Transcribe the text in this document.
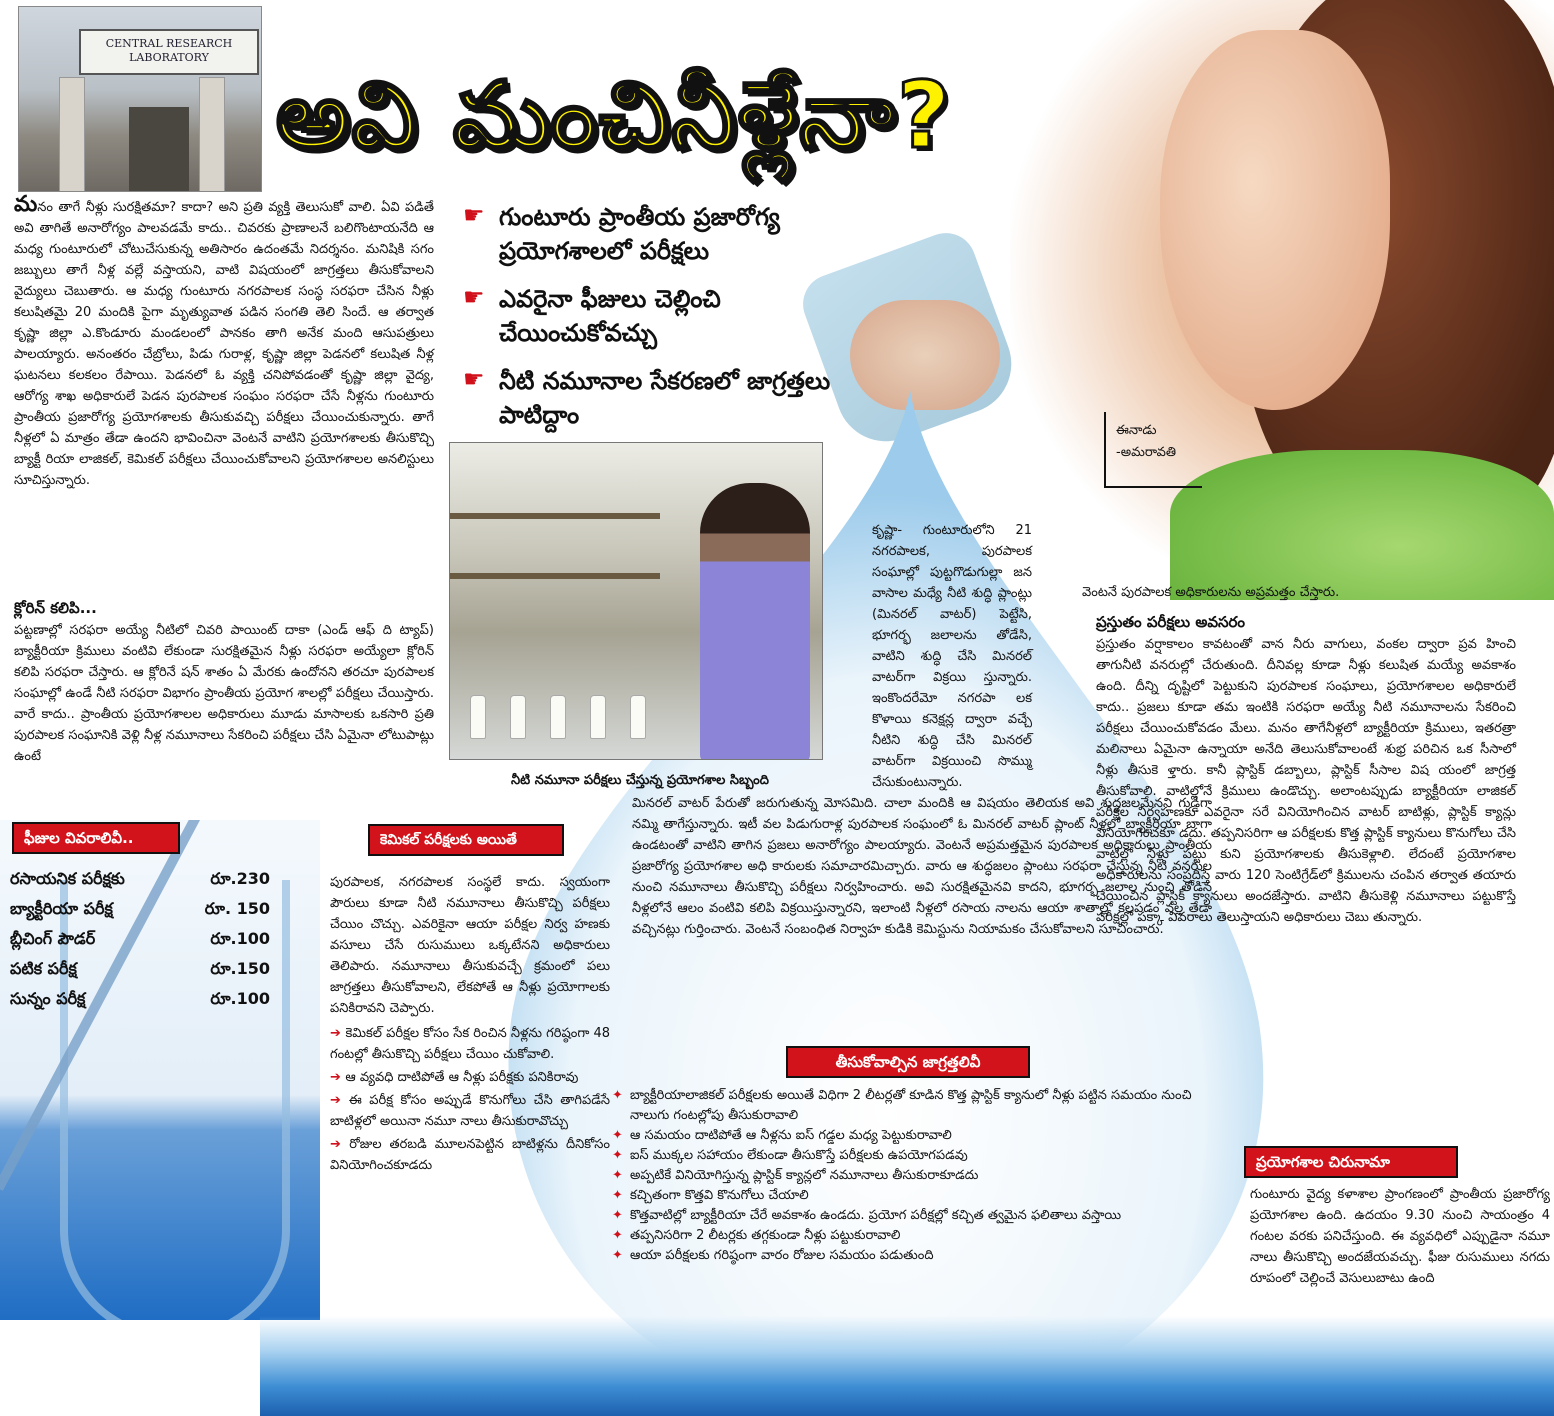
CENTRAL RESEARCH LABORATORY
అవి మంచినీళ్లేనా?
☛ గుంటూరు ప్రాంతీయ ప్రజారోగ్య ప్రయోగశాలలో పరీక్షలు
☛ ఎవరైనా ఫీజులు చెల్లించి చేయించుకోవచ్చు
☛ నీటి నమూనాల సేకరణలో జాగ్రత్తలు పాటిద్దాం
ఈనాడు
-అమరావతి
నీటి నమూనా పరీక్షలు చేస్తున్న ప్రయోగశాల సిబ్బంది
మనం తాగే నీళ్లు సురక్షితమా? కాదా? అని ప్రతి వ్యక్తి తెలుసుకో వాలి. ఏవి పడితే అవి తాగితే అనారోగ్యం పాలవడమే కాదు.. చివరకు ప్రాణాలనే బలిగొంటాయనేది ఆ మధ్య గుంటూరులో చోటుచేసుకున్న అతిసారం ఉదంతమే నిదర్శనం. మనిషికి సగం జబ్బులు తాగే నీళ్ల వల్లే వస్తాయని, వాటి విషయంలో జాగ్రత్తలు తీసుకోవాలని వైద్యులు చెబుతారు. ఆ మధ్య గుంటూరు నగరపాలక సంస్థ సరఫరా చేసిన నీళ్లు కలుషితమై 20 మందికి పైగా మృత్యువాత పడిన సంగతి తెలి సిందే. ఆ తర్వాత కృష్ణా జిల్లా ఎ.కొండూరు మండలంలో పానకం తాగి అనేక మంది ఆసుపత్రులు పాలయ్యారు. అనంతరం చేబ్రోలు, పిడు గురాళ్ల, కృష్ణా జిల్లా పెడనలో కలుషిత నీళ్ల ఘటనలు కలకలం రేపాయి. పెడనలో ఓ వ్యక్తి చనిపోవడంతో కృష్ణా జిల్లా వైద్య, ఆరోగ్య శాఖ అధికారులే పెడన పురపాలక సంఘం సరఫరా చేసే నీళ్లను గుంటూరు ప్రాంతీయ ప్రజారోగ్య ప్రయోగశాలకు తీసుకువచ్చి పరీక్షలు చేయించుకున్నారు. తాగే నీళ్లలో ఏ మాత్రం తేడా ఉందని భావించినా వెంటనే వాటిని ప్రయోగశాలకు తీసుకొచ్చి బ్యాక్టీ రియా లాజికల్, కెమికల్ పరీక్షలు చేయించుకోవాలని ప్రయోగశాలల అనలిస్టులు సూచిస్తున్నారు.
క్లోరిన్ కలిపి...
పట్టణాల్లో సరఫరా అయ్యే నీటిలో చివరి పాయింట్ దాకా (ఎండ్ ఆఫ్ ది ట్యాప్) బ్యాక్టీరియా క్రిములు వంటివి లేకుండా సురక్షితమైన నీళ్లు సరఫరా అయ్యేలా క్లోరిన్ కలిపి సరఫరా చేస్తారు. ఆ క్లోరినే షన్ శాతం ఏ మేరకు ఉందోనని తరచూ పురపాలక సంఘాల్లో ఉండే నీటి సరఫరా విభాగం ప్రాంతీయ ప్రయోగ శాలల్లో పరీక్షలు చేయిస్తారు. వారే కాదు.. ప్రాంతీయ ప్రయోగశాలల అధికారులు మూడు మాసాలకు ఒకసారి ప్రతి పురపాలక సంఘానికి వెళ్లి నీళ్ల నమూనాలు సేకరించి పరీక్షలు చేసి ఏమైనా లోటుపాట్లు ఉంటే

కృష్ణా- గుంటూరులోని 21 నగరపాలక, పురపాలక సంఘాల్లో పుట్టగొడుగుల్లా జన వాసాల మధ్యే నీటి శుద్ధి ప్లాంట్లు (మినరల్ వాటర్) పెట్టేసి, భూగర్భ జలాలను తోడేసి, వాటిని శుద్ధి చేసి మినరల్ వాటర్‌గా విక్రయి స్తున్నారు. ఇంకొందరేమో నగరపా లక కొళాయి కనెక్షన్ల ద్వారా వచ్చే నీటిని శుద్ధి చేసి మినరల్ వాటర్‌గా విక్రయించి సొమ్ము చేసుకుంటున్నారు.

మినరల్ వాటర్ పేరుతో జరుగుతున్న మోసమిది. చాలా మందికి ఆ విషయం తెలియక అవి శుద్ధజలమేనని గుడ్డిగా నమ్మి తాగేస్తున్నారు. ఇటీ వల పిడుగురాళ్ల పురపాలక సంఘంలో ఓ మినరల్ వాటర్ ప్లాంట్ నీళ్లలో బ్యాక్టీరియా బాగా ఉండటంతో వాటిని తాగిన ప్రజలు అనారోగ్యం పాలయ్యారు. వెంటనే అప్రమత్తమైన పురపాలక అధికారులు ప్రాంతీయ ప్రజారోగ్య ప్రయోగశాల అధి కారులకు సమాచారమిచ్చారు. వారు ఆ శుద్ధజలం ప్లాంటు సరఫరా చేస్తున్న నీటి వనరుల నుంచి నమూనాలు తీసుకొచ్చి పరీక్షలు నిర్వహించారు. అవి సురక్షితమైనవి కాదని, భూగర్భ జలాల నుంచి తోడిన నీళ్లలోనే ఆలం వంటివి కలిపి విక్రయిస్తున్నారని, ఇలాంటి నీళ్లలో రసాయ నాలను ఆయా శాతాల్లో కలపడం వల్ల తేడా వచ్చినట్లు గుర్తించారు. వెంటనే సంబంధిత నిర్వాహ కుడికి కెమిస్టును నియామకం చేసుకోవాలని సూచించారు.

వెంటనే పురపాలక అధికారులను అప్రమత్తం చేస్తారు.
ప్రస్తుతం పరీక్షలు అవసరం
ప్రస్తుతం వర్షాకాలం కావటంతో వాన నీరు వాగులు, వంకల ద్వారా ప్రవ హించి తాగునీటి వనరుల్లో చేరుతుంది. దీనివల్ల కూడా నీళ్లు కలుషిత మయ్యే అవకాశం ఉంది. దీన్ని దృష్టిలో పెట్టుకుని పురపాలక సంఘాలు, ప్రయోగశాలల అధికారులే కాదు.. ప్రజలు కూడా తమ ఇంటికి సరఫరా అయ్యే నీటి నమూనాలను సేకరించి పరీక్షలు చేయించుకోవడం మేలు. మనం తాగేనీళ్లలో బ్యాక్టీరియా క్రిములు, ఇతరత్రా మలినాలు ఏమైనా ఉన్నాయా అనేది తెలుసుకోవాలంటే శుభ్ర పరిచిన ఒక సీసాలో నీళ్లు తీసుకె ళ్తారు. కానీ ప్లాస్టిక్ డబ్బాలు, ప్లాస్టిక్ సీసాల విష యంలో జాగ్రత్త తీసుకోవాలి. వాటిల్లోనే క్రిములు ఉండొచ్చు. అలాంటప్పుడు బ్యాక్టీరియా లాజికల్ పరీక్షల నిర్వహణకు ఎవరైనా సరే వినియోగించిన వాటర్ బాటిళ్లు, ప్లాస్టిక్ క్యాన్లు వినియోగించకూ డదు. తప్పనిసరిగా ఆ పరీక్షలకు కొత్త ప్లాస్టిక్ క్యానులు కొనుగోలు చేసి వాటిల్లో నీళ్లు పట్టు కుని ప్రయోగశాలకు తీసుకెళ్లాలి. లేదంటే ప్రయోగశాల అధికారులను సంప్రదిస్తే వారు 120 సెంటిగ్రేడ్‌లో క్రిములను చంపిన తర్వాత తయారు చేయించిన ప్లాస్టిక్ క్యానులు అందజేస్తారు. వాటిని తీసుకెళ్లి నమూనాలు పట్టుకొస్తే పరీక్షల్లో పక్కా వివరాలు తెలుస్తాయని అధికారులు చెబు తున్నారు.
ఫీజుల వివరాలివీ..
రసాయనిక పరీక్షకు	రూ.230
బ్యాక్టీరియా పరీక్ష	రూ. 150
బ్లీచింగ్ పౌడర్	రూ.100
పటిక పరీక్ష	రూ.150
సున్నం పరీక్ష	రూ.100
కెమికల్ పరీక్షలకు అయితే

పురపాలక, నగరపాలక సంస్థలే కాదు. స్వయంగా పౌరులు కూడా నీటి నమూనాలు తీసుకొచ్చి పరీక్షలు చేయిం చొచ్చు. ఎవరికైనా ఆయా పరీక్షల నిర్వ హణకు వసూలు చేసే రుసుములు ఒక్కటేనని అధికారులు తెలిపారు. నమూనాలు తీసుకువచ్చే క్రమంలో పలు జాగ్రత్తలు తీసుకోవాలని, లేకపోతే ఆ నీళ్లు ప్రయోగాలకు పనికిరావని చెప్పారు.

➔ కెమికల్ పరీక్షల కోసం సేక రించిన నీళ్లను గరిష్ఠంగా 48 గంటల్లో తీసుకొచ్చి పరీక్షలు చేయిం చుకోవాలి.

➔ ఆ వ్యవధి దాటిపోతే ఆ నీళ్లు పరీక్షకు పనికిరావు

➔ ఈ పరీక్ష కోసం అప్పుడే కొనుగోలు చేసి తాగిపడేసే బాటిళ్లలో అయినా నమూ నాలు తీసుకురావొచ్చు

➔ రోజుల తరబడి మూలనపెట్టిన బాటిళ్లను దీనికోసం వినియోగించకూడదు

తీసుకోవాల్సిన జాగ్రత్తలివీ
✦ బ్యాక్టీరియాలాజికల్ పరీక్షలకు అయితే విధిగా 2 లీటర్లతో కూడిన కొత్త ప్లాస్టిక్ క్యానులో నీళ్లు పట్టిన సమయం నుంచి నాలుగు గంటల్లోపు తీసుకురావాలి
✦ ఆ సమయం దాటిపోతే ఆ నీళ్లను ఐస్ గడ్డల మధ్య పెట్టుకురావాలి
✦ ఐస్ ముక్కల సహాయం లేకుండా తీసుకొస్తే పరీక్షలకు ఉపయోగపడవు
✦ అప్పటికే వినియోగిస్తున్న ప్లాస్టిక్ క్యాన్లలో నమూనాలు తీసుకురాకూడదు
✦ కచ్చితంగా కొత్తవి కొనుగోలు చేయాలి
✦ కొత్తవాటిల్లో బ్యాక్టీరియా చేరే అవకాశం ఉండదు. ప్రయోగ పరీక్షల్లో కచ్చిత త్వమైన ఫలితాలు వస్తాయి
✦ తప్పనిసరిగా 2 లీటర్లకు తగ్గకుండా నీళ్లు పట్టుకురావాలి
✦ ఆయా పరీక్షలకు గరిష్ఠంగా వారం రోజుల సమయం పడుతుంది
ప్రయోగశాల చిరునామా
గుంటూరు వైద్య కళాశాల ప్రాంగణంలో ప్రాంతీయ ప్రజారోగ్య ప్రయోగశాల ఉంది. ఉదయం 9.30 నుంచి సాయంత్రం 4 గంటల వరకు పనిచేస్తుంది. ఈ వ్యవధిలో ఎప్పుడైనా నమూ నాలు తీసుకొచ్చి అందజేయవచ్చు. ఫీజు రుసుములు నగదు రూపంలో చెల్లించే వెసులుబాటు ఉంది
